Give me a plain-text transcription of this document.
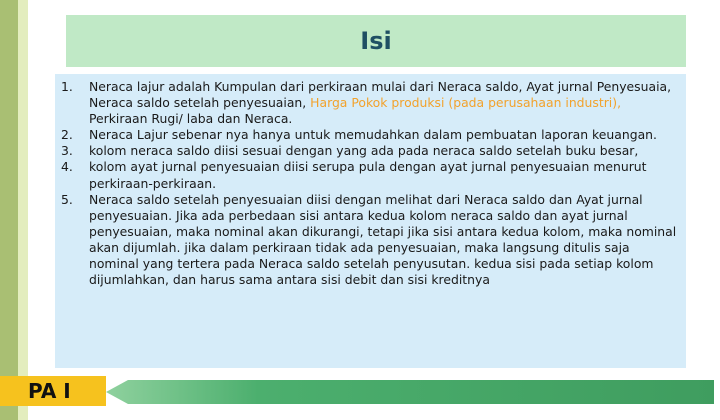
Isi
1.	Neraca lajur adalah Kumpulan dari perkiraan mulai dari Neraca saldo, Ayat jurnal Penyesuaia, Neraca saldo setelah penyesuaian, Harga Pokok produksi (pada perusahaan industri), Perkiraan Rugi/ laba dan Neraca.
2.	Neraca Lajur sebenar nya hanya untuk memudahkan dalam pembuatan laporan keuangan.
3.	kolom neraca saldo diisi sesuai dengan yang ada pada neraca saldo setelah buku besar,
4.	kolom ayat jurnal penyesuaian diisi serupa pula dengan ayat jurnal penyesuaian menurut perkiraan-perkiraan.
5.	Neraca saldo setelah penyesuaian diisi dengan melihat dari Neraca saldo dan Ayat jurnal penyesuaian. Jika ada perbedaan sisi antara kedua kolom neraca saldo dan ayat jurnal penyesuaian, maka nominal akan dikurangi, tetapi jika sisi antara kedua kolom, maka nominal akan dijumlah. jika dalam perkiraan tidak ada penyesuaian, maka langsung ditulis saja nominal yang tertera pada Neraca saldo setelah penyusutan. kedua sisi pada setiap kolom dijumlahkan, dan harus sama antara sisi debit dan sisi kreditnya
PA I
